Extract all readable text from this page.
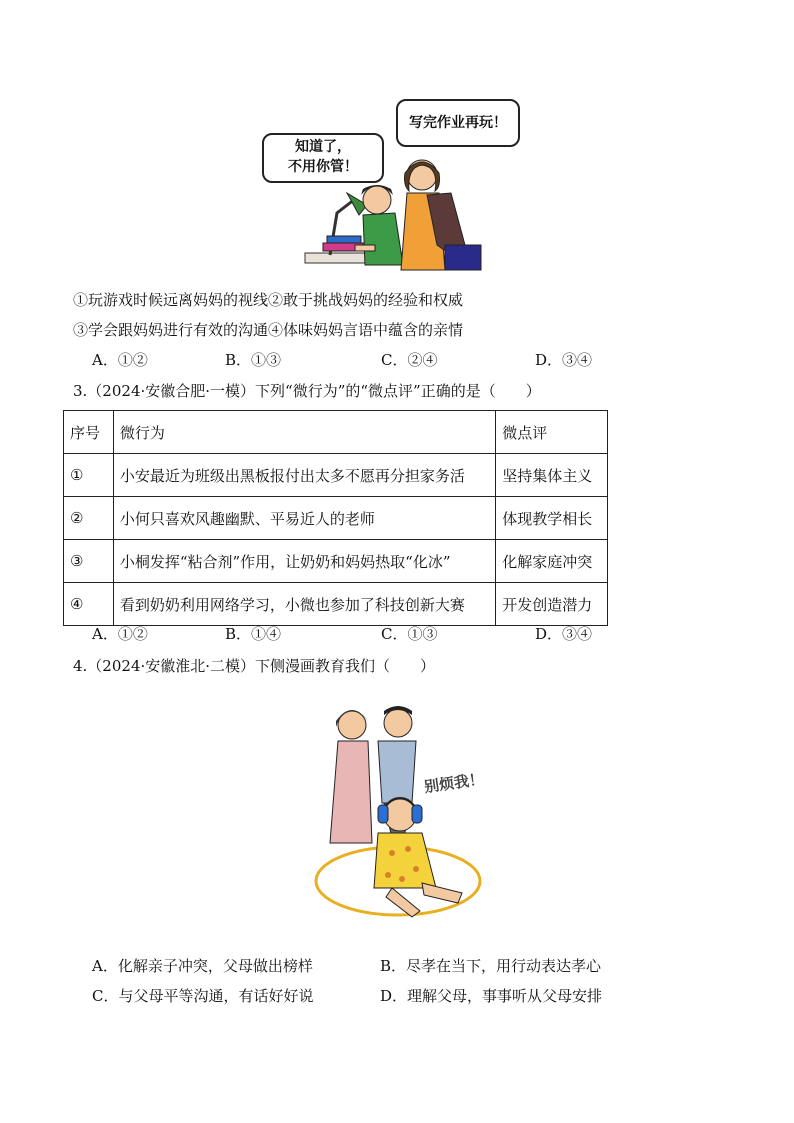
知道了，
不用你管！
写完作业再玩！
①玩游戏时候远离妈妈的视线②敢于挑战妈妈的经验和权威
③学会跟妈妈进行有效的沟通④体味妈妈言语中蕴含的亲情
A．①②	B．①③	C．②④	D．③④
3.（2024·安徽合肥·一模）下列“微行为”的“微点评”正确的是（　　）
序号	微行为	微点评
①	小安最近为班级出黑板报付出太多不愿再分担家务活	坚持集体主义
②	小何只喜欢风趣幽默、平易近人的老师	体现教学相长
③	小桐发挥“粘合剂”作用，让奶奶和妈妈热取“化冰”	化解家庭冲突
④	看到奶奶利用网络学习，小微也参加了科技创新大赛	开发创造潜力
A．①②	B．①④	C．①③	D．③④
4.（2024·安徽淮北·二模）下侧漫画教育我们（　　）
别烦我！
A．化解亲子冲突，父母做出榜样	B．尽孝在当下，用行动表达孝心
C．与父母平等沟通，有话好好说	D．理解父母，事事听从父母安排
